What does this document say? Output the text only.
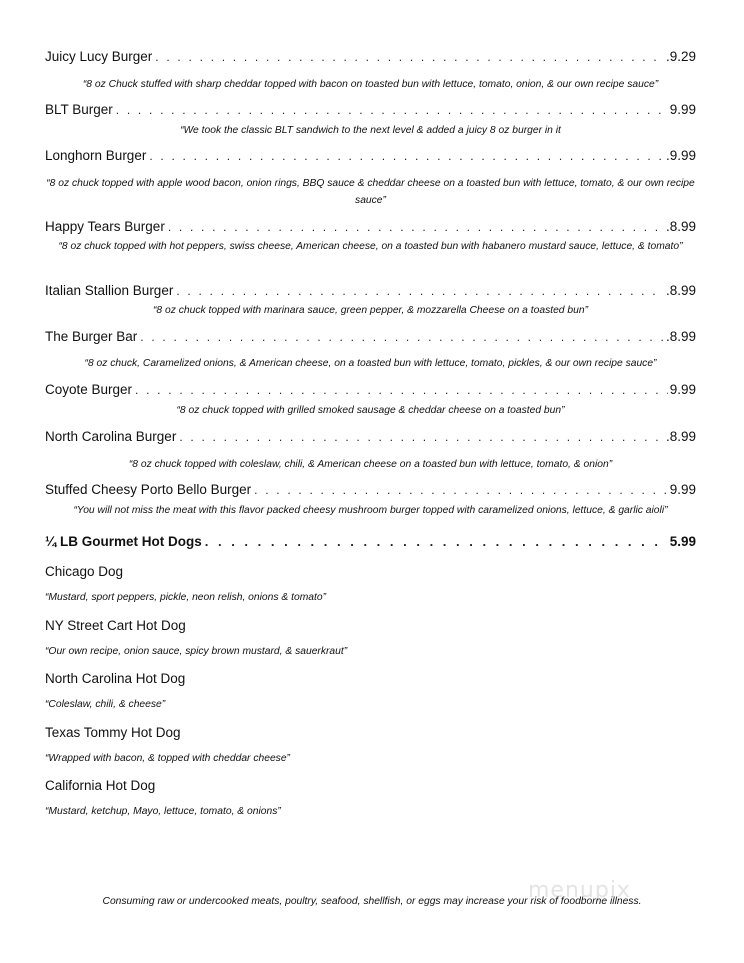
Juicy Lucy Burger . . .	.9.29
“8 oz Chuck stuffed with sharp cheddar topped with bacon on toasted bun with lettuce, tomato, onion, & our own recipe sauce”
BLT Burger . . .	9.99
“We took the classic BLT sandwich to the next level & added a juicy 8 oz burger in it
Longhorn Burger . . .	.9.99
“8 oz chuck topped with apple wood bacon, onion rings, BBQ sauce & cheddar cheese on a toasted bun with lettuce, tomato, & our own recipe sauce”
Happy Tears Burger . . .	.8.99
“8 oz chuck topped with hot peppers, swiss cheese, American cheese, on a toasted bun with habanero mustard sauce, lettuce, & tomato”
Italian Stallion Burger . . .	.8.99
“8 oz chuck topped with marinara sauce, green pepper, & mozzarella Cheese on a toasted bun”
The Burger Bar . . .	.8.99
“8 oz chuck, Caramelized onions, & American cheese, on a toasted bun with lettuce, tomato, pickles, & our own recipe sauce”
Coyote Burger . . .	9.99
“8 oz chuck topped with grilled smoked sausage & cheddar cheese on a toasted bun”
North Carolina Burger . . .	.8.99
“8 oz chuck topped with coleslaw, chili, & American cheese on a toasted bun with lettuce, tomato, & onion”
Stuffed Cheesy Porto Bello Burger . . .	9.99
“You will not miss the meat with this flavor packed cheesy mushroom burger topped with caramelized onions, lettuce, & garlic aioli”
¼ LB Gourmet Hot Dogs . . .	5.99
Chicago Dog
“Mustard, sport peppers, pickle, neon relish, onions & tomato”
NY Street Cart Hot Dog
“Our own recipe, onion sauce, spicy brown mustard, & sauerkraut”
North Carolina Hot Dog
“Coleslaw, chili, & cheese”
Texas Tommy Hot Dog
“Wrapped with bacon, & topped with cheddar cheese”
California Hot Dog
“Mustard, ketchup, Mayo, lettuce, tomato, & onions”
menupix
Consuming raw or undercooked meats, poultry, seafood, shellfish, or eggs may increase your risk of foodborne illness.
